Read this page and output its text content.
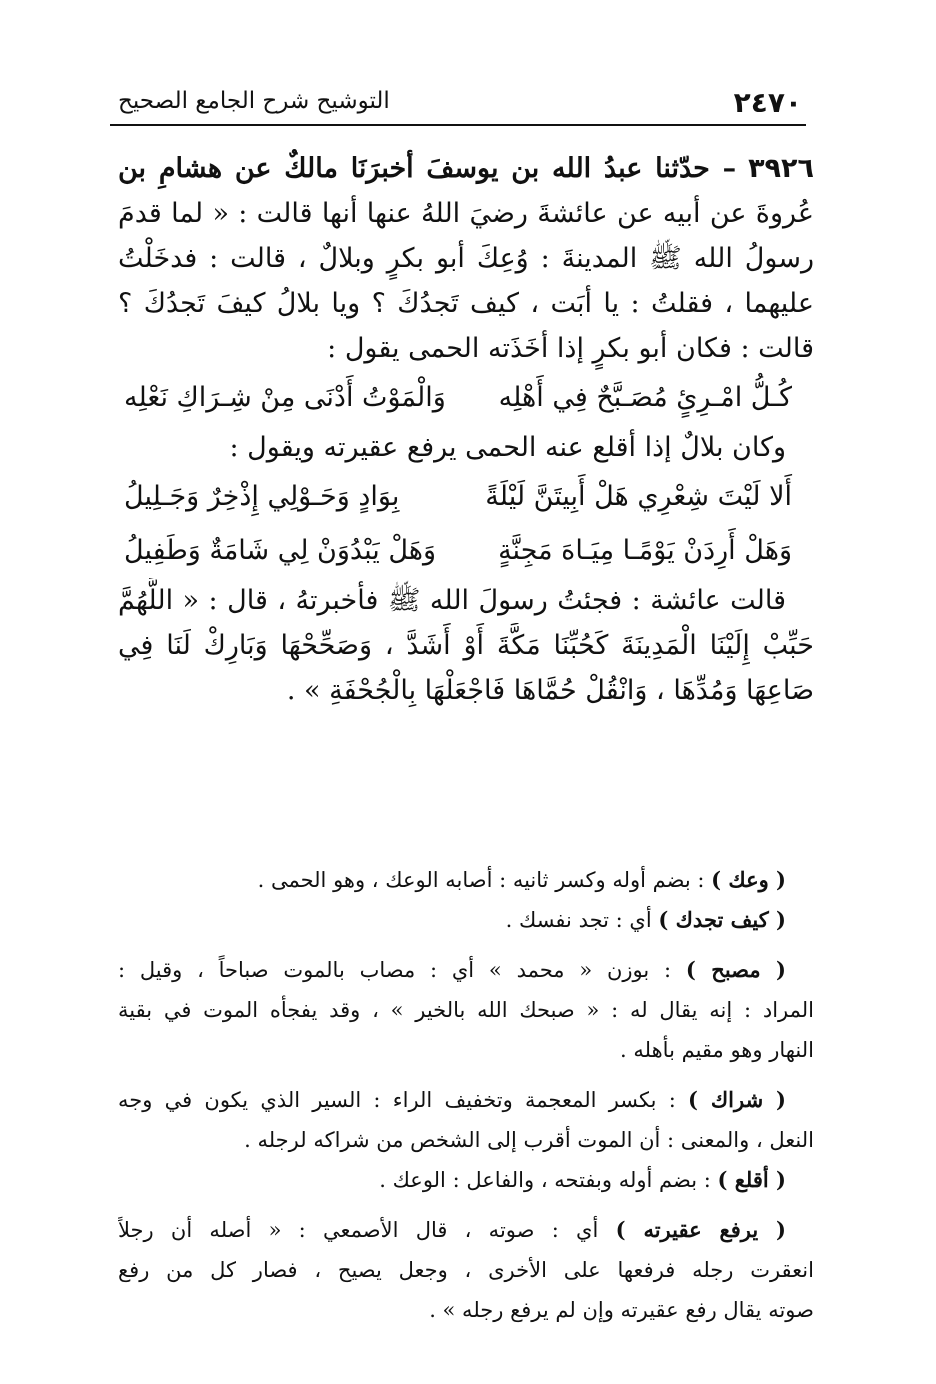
٢٤٧٠
التوشيح شرح الجامع الصحيح
٣٩٢٦ – حدّثنا عبدُ الله بن يوسفَ أخبرَنَا مالكٌ عن هشامِ بن
عُروةَ عن أبيه عن عائشةَ رضيَ اللهُ عنها أنها قالت : « لما قدمَ
رسولُ الله ﷺ المدينةَ : وُعِكَ أبو بكرٍ وبلالٌ ، قالت : فدخَلْتُ
عليهما ، فقلتُ : يا أبَت ، كيف تَجدُكَ ؟ ويا بلالُ كيفَ تَجدُكَ ؟
قالت : فكان أبو بكرٍ إذا أخَذَته الحمى يقول :
كُـلُّ امْـرِئٍ مُصَـبَّحٌ فِي أَهْلِه
وَالْمَوْتُ أَدْنَى مِنْ شِـرَاكِ نَعْلِه
وكان بلالٌ إذا أقلع عنه الحمى يرفع عقيرته ويقول :
أَلا لَيْتَ شِعْرِي هَلْ أَبِيتَنَّ لَيْلَةً
بِوَادٍ وَحَـوْلِي إِذْخِرٌ وَجَـلِيلُ
وَهَلْ أَرِدَنْ يَوْمًـا مِيَـاهَ مَجِنَّةٍ
وَهَلْ يَبْدُوَنْ لِي شَامَةٌ وَطَفِيلُ
قالت عائشة : فجئتُ رسولَ الله ﷺ فأخبرتهُ ، قال : « اللَّهُمَّ
حَبِّبْ إِلَيْنَا الْمَدِينَةَ كَحُبِّنَا مَكَّةَ أَوْ أَشَدَّ ، وَصَحِّحْهَا وَبَارِكْ لَنَا فِي
صَاعِهَا وَمُدِّهَا ، وَانْقُلْ حُمَّاهَا فَاجْعَلْهَا بِالْجُحْفَةِ » .
( وعك ) : بضم أوله وكسر ثانيه : أصابه الوعك ، وهو الحمى .
( كيف تجدك ) أي : تجد نفسك .
( مصبح ) : بوزن « محمد » أي : مصاب بالموت صباحاً ، وقيل :
المراد : إنه يقال له : « صبحك الله بالخير » ، وقد يفجأه الموت في بقية
النهار وهو مقيم بأهله .
( شراك ) : بكسر المعجمة وتخفيف الراء : السير الذي يكون في وجه
النعل ، والمعنى : أن الموت أقرب إلى الشخص من شراكه لرجله .
( أقلع ) : بضم أوله وبفتحه ، والفاعل : الوعك .
( يرفع عقيرته ) أي : صوته ، قال الأصمعي : « أصله أن رجلاً
انعقرت رجله فرفعها على الأخرى ، وجعل يصيح ، فصار كل من رفع
صوته يقال رفع عقيرته وإن لم يرفع رجله » .
